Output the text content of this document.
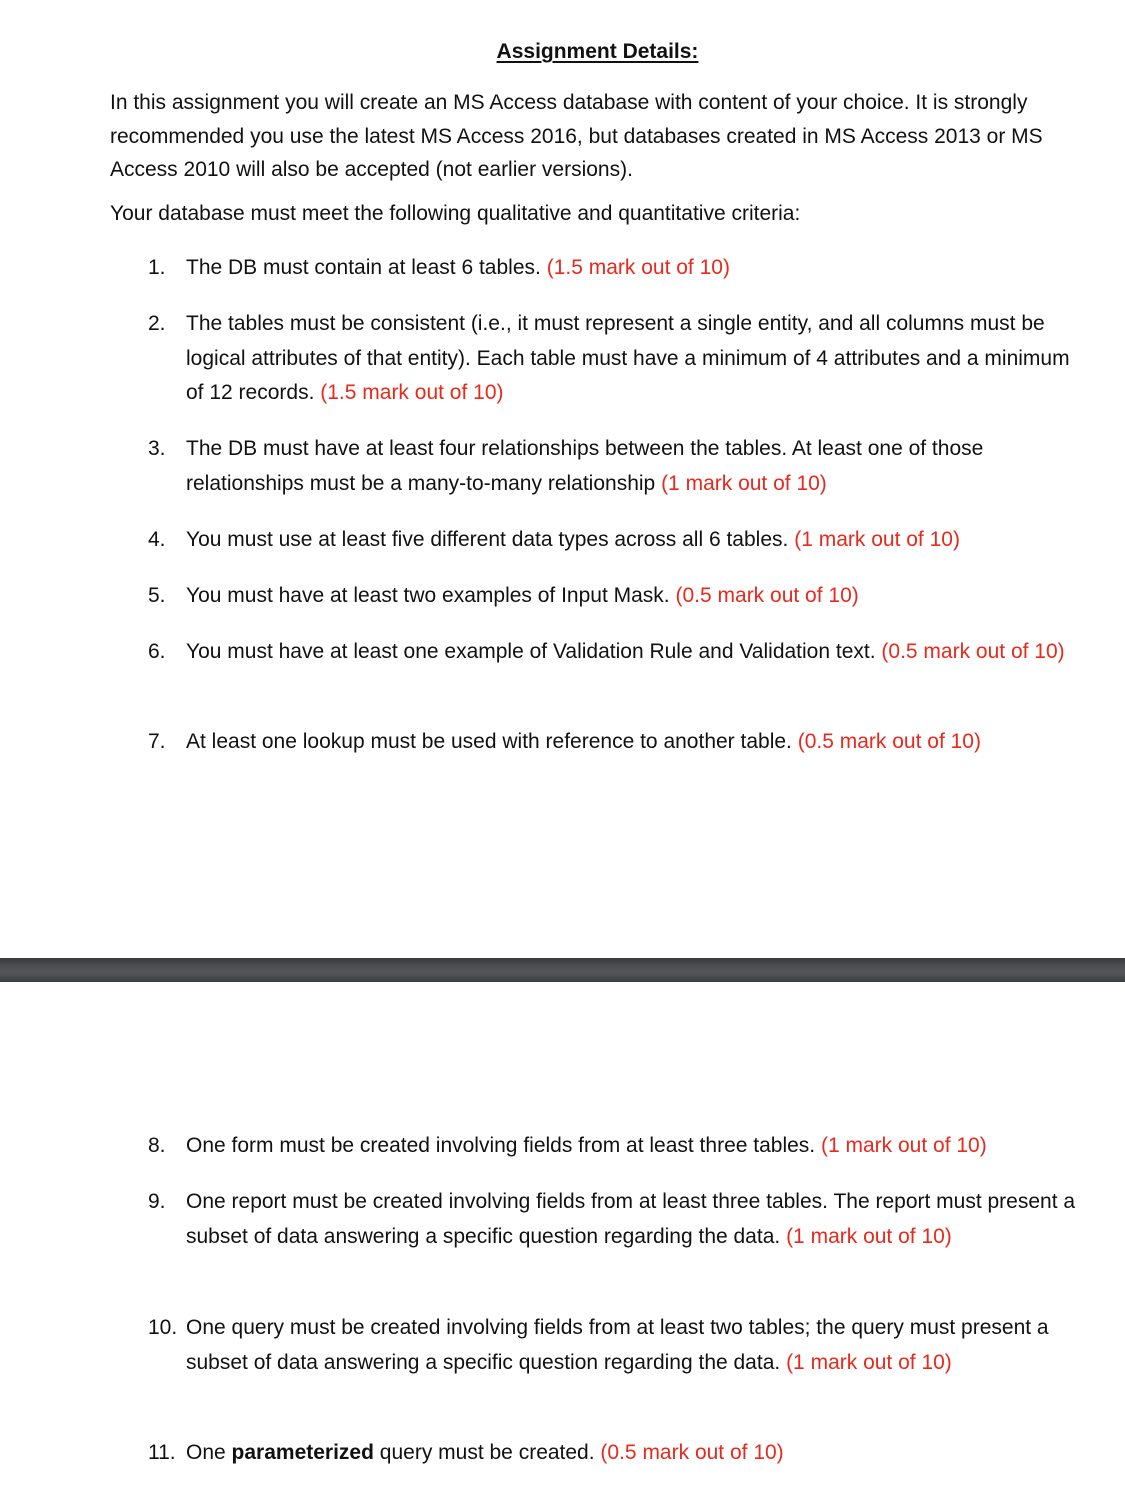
Assignment Details:

In this assignment you will create an MS Access database with content of your choice. It is strongly recommended you use the latest MS Access 2016, but databases created in MS Access 2013 or MS Access 2010 will also be accepted (not earlier versions).

Your database must meet the following qualitative and quantitative criteria:

1. The DB must contain at least 6 tables. (1.5 mark out of 10)
2. The tables must be consistent (i.e., it must represent a single entity, and all columns must be logical attributes of that entity). Each table must have a minimum of 4 attributes and a minimum of 12 records. (1.5 mark out of 10)
3. The DB must have at least four relationships between the tables. At least one of those relationships must be a many-to-many relationship (1 mark out of 10)
4. You must use at least five different data types across all 6 tables. (1 mark out of 10)
5. You must have at least two examples of Input Mask. (0.5 mark out of 10)
6. You must have at least one example of Validation Rule and Validation text. (0.5 mark out of 10)
7. At least one lookup must be used with reference to another table. (0.5 mark out of 10)
8. One form must be created involving fields from at least three tables. (1 mark out of 10)
9. One report must be created involving fields from at least three tables. The report must present a subset of data answering a specific question regarding the data. (1 mark out of 10)
10. One query must be created involving fields from at least two tables; the query must present a subset of data answering a specific question regarding the data. (1 mark out of 10)
11. One parameterized query must be created. (0.5 mark out of 10)
